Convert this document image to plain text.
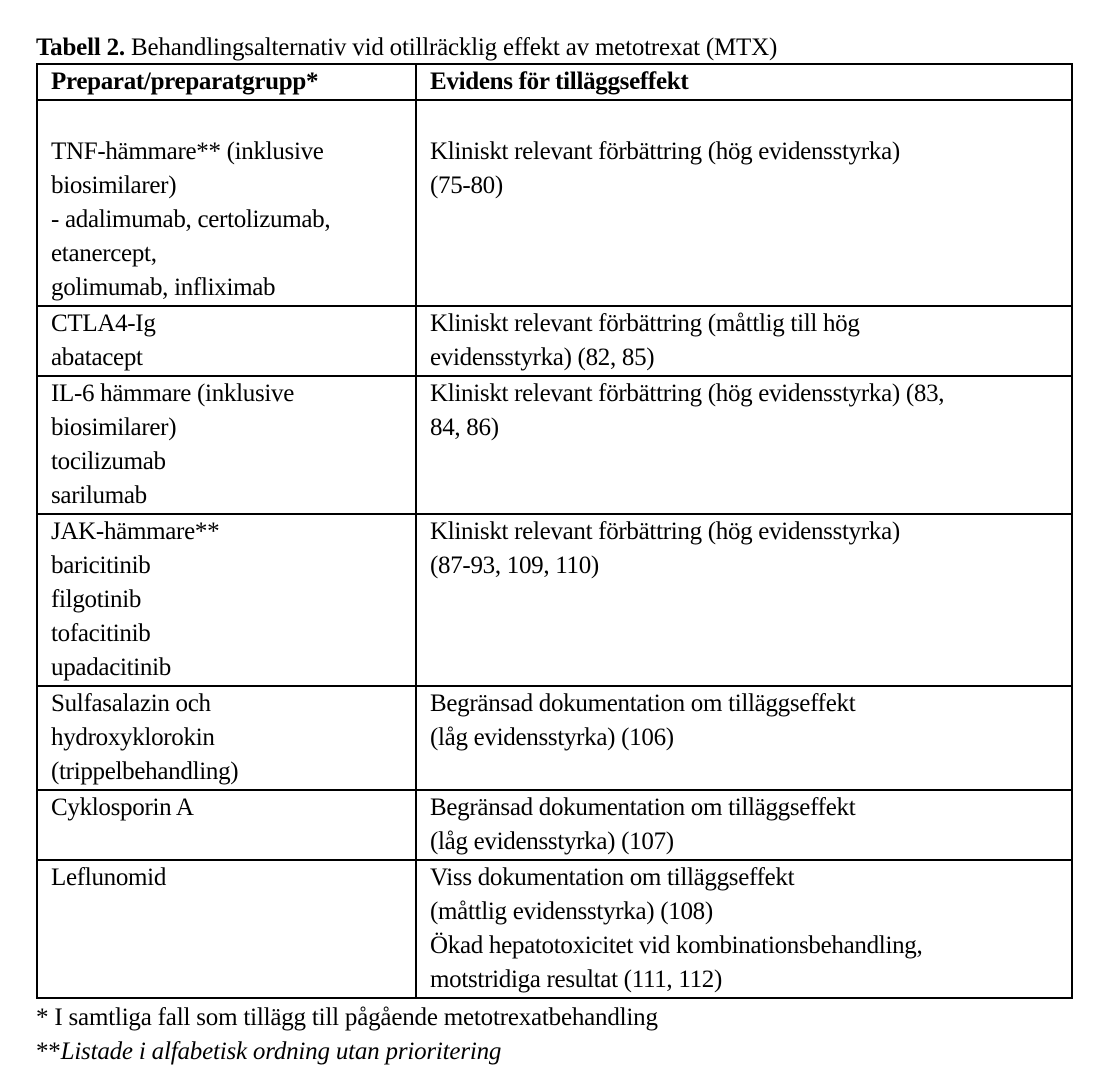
Tabell 2. Behandlingsalternativ vid otillräcklig effekt av metotrexat (MTX)
Preparat/preparatgrupp*	Evidens för tilläggseffekt

TNF-hämmare** (inklusive
biosimilarer)
- adalimumab, certolizumab,
etanercept,
golimumab, infliximab	Kliniskt relevant förbättring (hög evidensstyrka)
(75-80)

CTLA4-Ig
abatacept	Kliniskt relevant förbättring (måttlig till hög
evidensstyrka) (82, 85)

IL-6 hämmare (inklusive
biosimilarer)
tocilizumab
sarilumab	Kliniskt relevant förbättring (hög evidensstyrka) (83,
84, 86)

JAK-hämmare**
baricitinib
filgotinib
tofacitinib
upadacitinib	Kliniskt relevant förbättring (hög evidensstyrka)
(87-93, 109, 110)

Sulfasalazin och
hydroxyklorokin
(trippelbehandling)	Begränsad dokumentation om tilläggseffekt
(låg evidensstyrka) (106)

Cyklosporin A	Begränsad dokumentation om tilläggseffekt
(låg evidensstyrka) (107)

Leflunomid	Viss dokumentation om tilläggseffekt
(måttlig evidensstyrka) (108)
Ökad hepatotoxicitet vid kombinationsbehandling,
motstridiga resultat (111, 112)
* I samtliga fall som tillägg till pågående metotrexatbehandling
**Listade i alfabetisk ordning utan prioritering
